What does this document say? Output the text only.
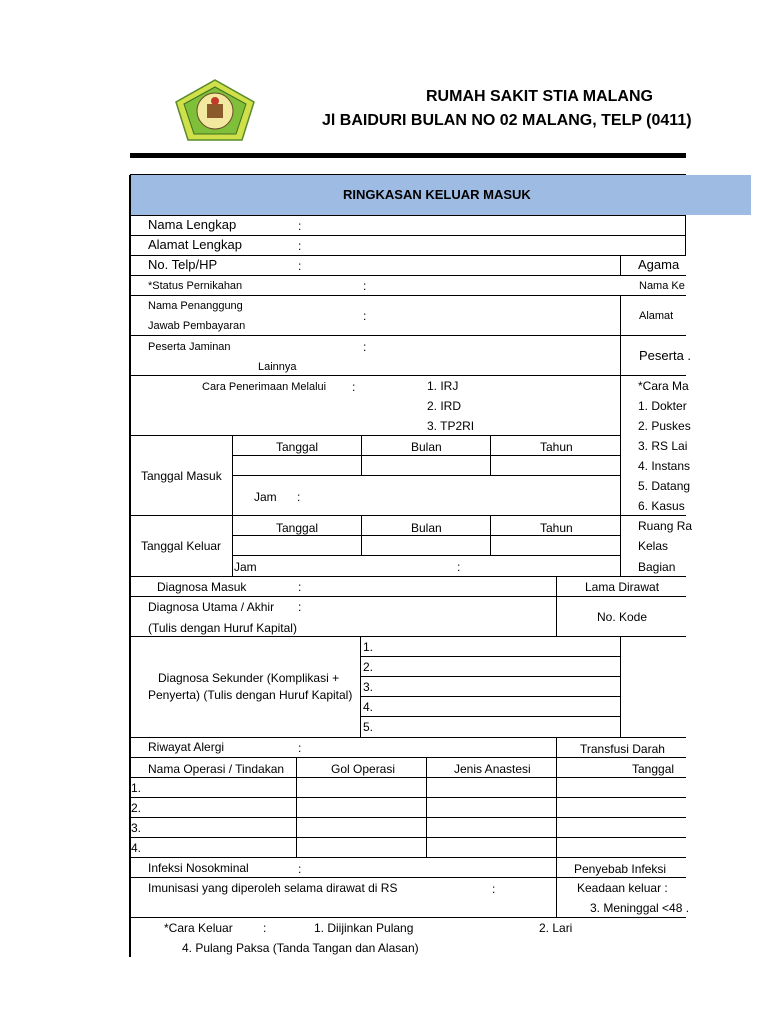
RUMAH SAKIT STIA MALANG
Jl BAIDURI BULAN NO 02 MALANG, TELP (0411)
RINGKASAN KELUAR MASUK
Nama Lengkap	:
Alamat Lengkap	:
No. Telp/HP	:	Agama
*Status Pernikahan	:	Nama Ke
Nama Penanggung
Jawab Pembayaran
:	Alamat
Peserta Jaminan	:
Lainnya
Peserta .
Cara Penerimaan Melalui :	1. IRJ
2. IRD
3. TP2RI
*Cara Ma
1. Dokter
2. Puskes
3. RS Lai
4. Instans
5. Datang
6. Kasus
Tanggal	Bulan	Tahun
Tanggal Masuk
Jam :
Tanggal	Bulan	Tahun
Tanggal Keluar
Jam	:
Ruang Ra
Kelas
Bagian
Diagnosa Masuk	:	Lama Dirawat
Diagnosa Utama / Akhir :
(Tulis dengan Huruf Kapital)
No. Kode
Diagnosa Sekunder (Komplikasi +
Penyerta) (Tulis dengan Huruf Kapital)
1.
2.
3.
4.
5.
Riwayat Alergi	:	Transfusi Darah
Nama Operasi / Tindakan	Gol Operasi	Jenis Anastesi	Tanggal
1.
2.
3.
4.
Infeksi Nosokminal	:	Penyebab Infeksi
Imunisasi yang diperoleh selama dirawat di RS	:	Keadaan keluar :
3. Meninggal <48 .
*Cara Keluar	:	1. Diijinkan Pulang	2. Lari
4. Pulang Paksa (Tanda Tangan dan Alasan)
